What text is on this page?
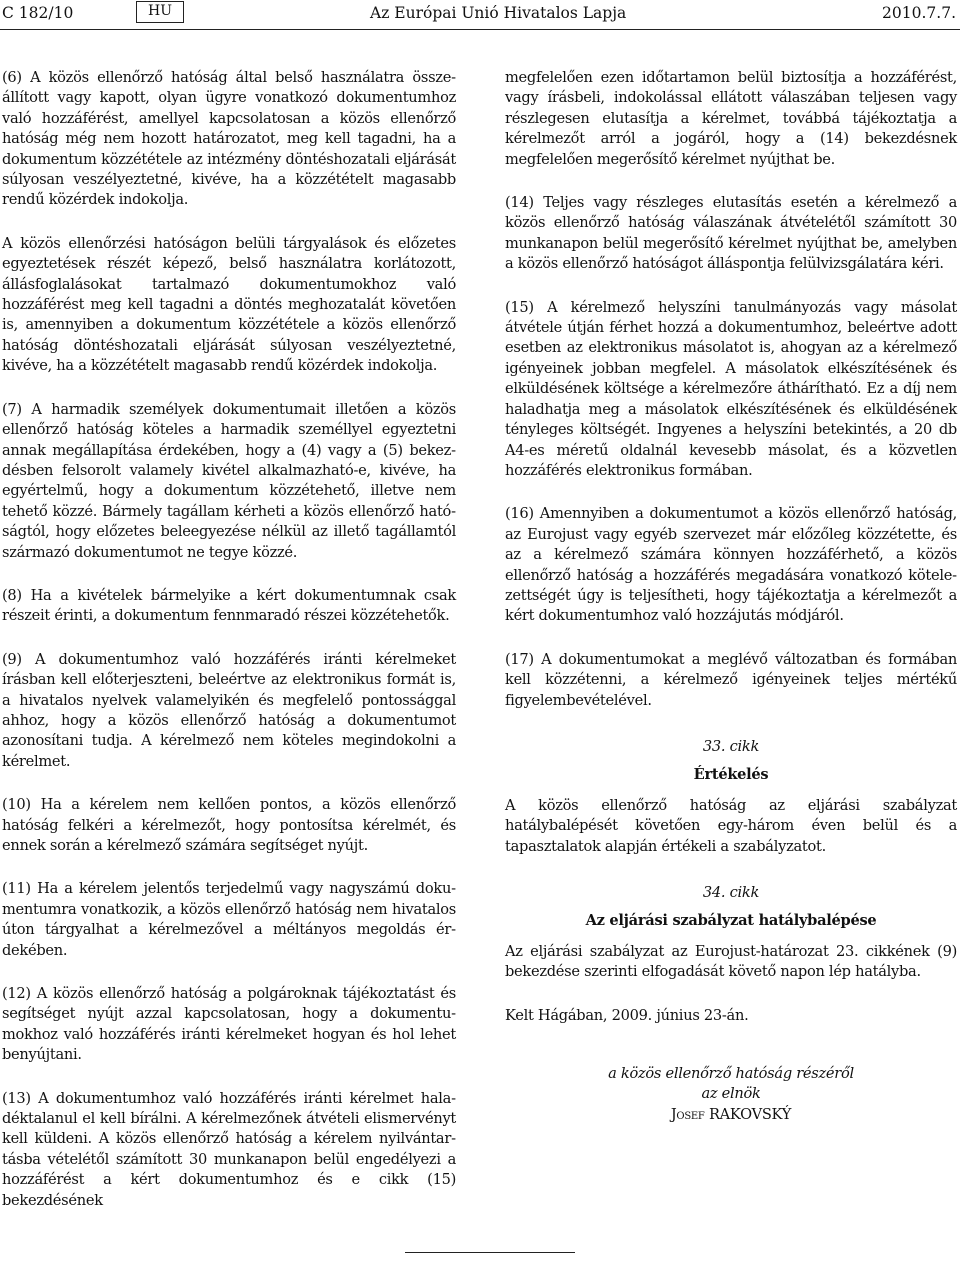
C 182/10	HU	Az Európai Unió Hivatalos Lapja	2010.7.7.

(6) A közös ellenőrző hatóság által belső használatra összeállított vagy kapott, olyan ügyre vonatkozó dokumentumhoz való hozzáférést, amellyel kapcsolatosan a közös ellenőrző hatóság még nem hozott határozatot, meg kell tagadni, ha a dokumentum közzététele az intézmény döntéshozatali eljárását súlyosan veszélyeztetné, kivéve, ha a közzétételt magasabb rendű közérdek indokolja.

A közös ellenőrzési hatóságon belüli tárgyalások és előzetes egyeztetések részét képező, belső használatra korlátozott, állásfoglalásokat tartalmazó dokumentumokhoz való hozzáférést meg kell tagadni a döntés meghozatalát követően is, amennyiben a dokumentum közzététele a közös ellenőrző hatóság döntéshozatali eljárását súlyosan veszélyeztetné, kivéve, ha a közzétételt magasabb rendű közérdek indokolja.

(7) A harmadik személyek dokumentumait illetően a közös ellenőrző hatóság köteles a harmadik személlyel egyeztetni annak megállapítása érdekében, hogy a (4) vagy a (5) bekezdésben felsorolt valamely kivétel alkalmazható-e, kivéve, ha egyértelmű, hogy a dokumentum közzétehető, illetve nem tehető közzé. Bármely tagállam kérheti a közös ellenőrző hatóságtól, hogy előzetes beleegyezése nélkül az illető tagállamtól származó dokumentumot ne tegye közzé.

(8) Ha a kivételek bármelyike a kért dokumentumnak csak részeit érinti, a dokumentum fennmaradó részei közzétehetők.

(9) A dokumentumhoz való hozzáférés iránti kérelmeket írásban kell előterjeszteni, beleértve az elektronikus formát is, a hivatalos nyelvek valamelyikén és megfelelő pontossággal ahhoz, hogy a közös ellenőrző hatóság a dokumentumot azonosítani tudja. A kérelmező nem köteles megindokolni a kérelmet.

(10) Ha a kérelem nem kellően pontos, a közös ellenőrző hatóság felkéri a kérelmezőt, hogy pontosítsa kérelmét, és ennek során a kérelmező számára segítséget nyújt.

(11) Ha a kérelem jelentős terjedelmű vagy nagyszámú dokumentumra vonatkozik, a közös ellenőrző hatóság nem hivatalos úton tárgyalhat a kérelmezővel a méltányos megoldás érdekében.

(12) A közös ellenőrző hatóság a polgároknak tájékoztatást és segítséget nyújt azzal kapcsolatosan, hogy a dokumentumokhoz való hozzáférés iránti kérelmeket hogyan és hol lehet benyújtani.

(13) A dokumentumhoz való hozzáférés iránti kérelmet haladéktalanul el kell bírálni. A kérelmezőnek átvételi elismervényt kell küldeni. A közös ellenőrző hatóság a kérelem nyilvántartásba vételétől számított 30 munkanapon belül engedélyezi a hozzáférést a kért dokumentumhoz és e cikk (15) bekezdésének

megfelelően ezen időtartamon belül biztosítja a hozzáférést, vagy írásbeli, indokolással ellátott válaszában teljesen vagy részlegesen elutasítja a kérelmet, továbbá tájékoztatja a kérelmezőt arról a jogáról, hogy a (14) bekezdésnek megfelelően megerősítő kérelmet nyújthat be.

(14) Teljes vagy részleges elutasítás esetén a kérelmező a közös ellenőrző hatóság válaszának átvételétől számított 30 munkanapon belül megerősítő kérelmet nyújthat be, amelyben a közös ellenőrző hatóságot álláspontja felülvizsgálatára kéri.

(15) A kérelmező helyszíni tanulmányozás vagy másolat átvétele útján férhet hozzá a dokumentumhoz, beleértve adott esetben az elektronikus másolatot is, ahogyan az a kérelmező igényeinek jobban megfelel. A másolatok elkészítésének és elküldésének költsége a kérelmezőre áthárítható. Ez a díj nem haladhatja meg a másolatok elkészítésének és elküldésének tényleges költségét. Ingyenes a helyszíni betekintés, a 20 db A4-es méretű oldalnál kevesebb másolat, és a közvetlen hozzáférés elektronikus formában.

(16) Amennyiben a dokumentumot a közös ellenőrző hatóság, az Eurojust vagy egyéb szervezet már előzőleg közzétette, és az a kérelmező számára könnyen hozzáférhető, a közös ellenőrző hatóság a hozzáférés megadására vonatkozó kötelezettségét úgy is teljesítheti, hogy tájékoztatja a kérelmezőt a kért dokumentumhoz való hozzájutás módjáról.

(17) A dokumentumokat a meglévő változatban és formában kell közzétenni, a kérelmező igényeinek teljes mértékű figyelembevételével.

33. cikk

Értékelés

A közös ellenőrző hatóság az eljárási szabályzat hatálybalépését követően egy-három éven belül és a tapasztalatok alapján értékeli a szabályzatot.

34. cikk

Az eljárási szabályzat hatálybalépése

Az eljárási szabályzat az Eurojust-határozat 23. cikkének (9) bekezdése szerinti elfogadását követő napon lép hatályba.

Kelt Hágában, 2009. június 23-án.

a közös ellenőrző hatóság részéről

az elnök

Josef RAKOVSKÝ
